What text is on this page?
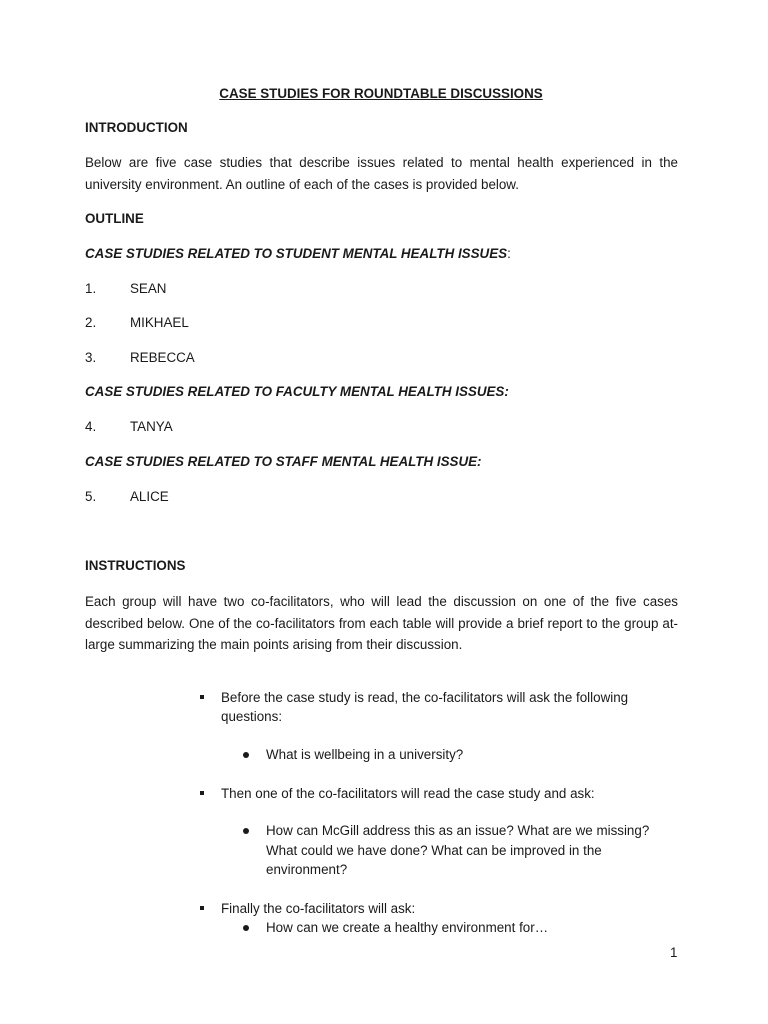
CASE STUDIES FOR ROUNDTABLE DISCUSSIONS
INTRODUCTION
Below are five case studies that describe issues related to mental health experienced in the university environment. An outline of each of the cases is provided below.
OUTLINE
CASE STUDIES RELATED TO STUDENT MENTAL HEALTH ISSUES:
1.	SEAN
2.	MIKHAEL
3.	REBECCA
CASE STUDIES RELATED TO FACULTY MENTAL HEALTH ISSUES:
4.	TANYA
CASE STUDIES RELATED TO STAFF MENTAL HEALTH ISSUE:
5.	ALICE
INSTRUCTIONS
Each group will have two co-facilitators, who will lead the discussion on one of the five cases described below. One of the co-facilitators from each table will provide a brief report to the group at-large summarizing the main points arising from their discussion.
Before the case study is read, the co-facilitators will ask the following
questions:
What is wellbeing in a university?
Then one of the co-facilitators will read the case study and ask:
How can McGill address this as an issue? What are we missing?
What could we have done? What can be improved in the
environment?
Finally the co-facilitators will ask:
How can we create a healthy environment for…
1
